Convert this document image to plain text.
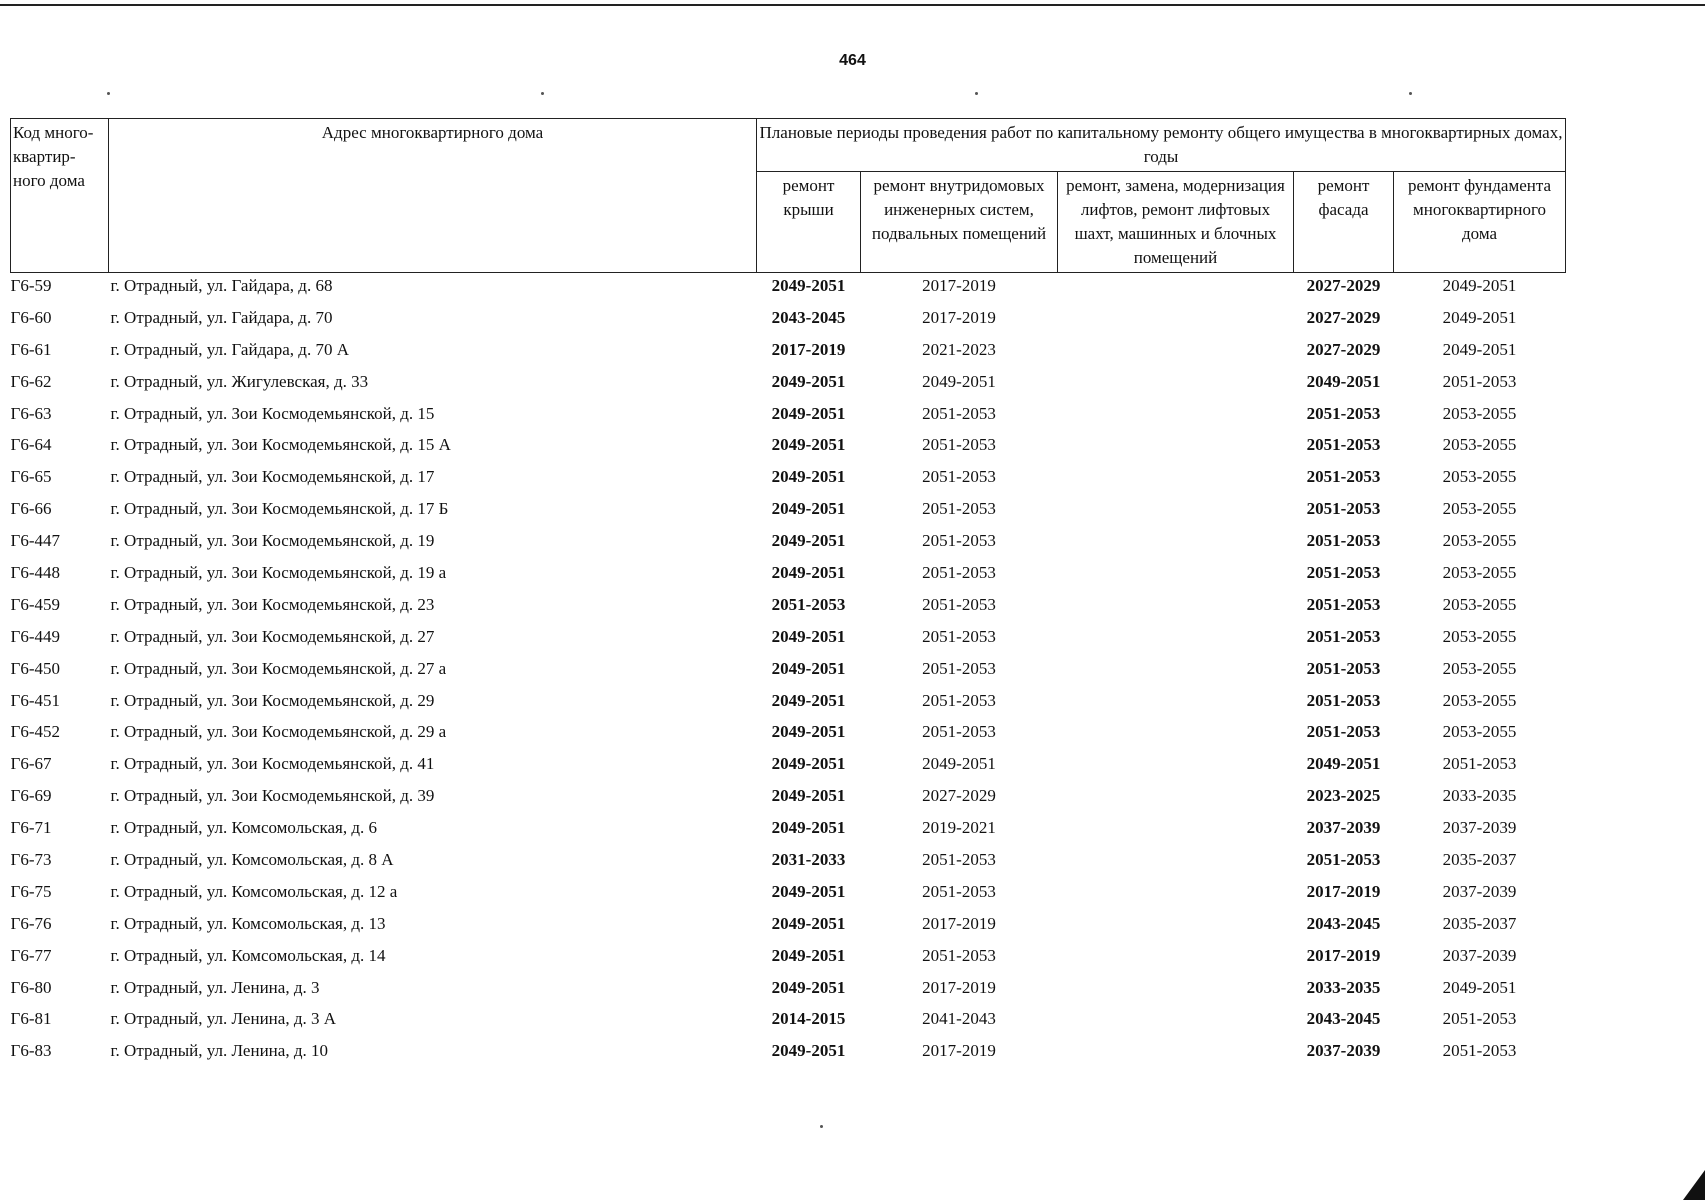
464
Код много-квартир-ного дома	Адрес многоквартирного дома	Плановые периоды проведения работ по капитальному ремонту общего имущества в многоквартирных домах, годы				
		ремонт крыши	ремонт внутридомовых инженерных систем, подвальных помещений	ремонт, замена, модернизация лифтов, ремонт лифтовых шахт, машинных и блочных помещений	ремонт фасада	ремонт фундамента многоквартирного дома
Г6-59	г. Отрадный, ул. Гайдара, д. 68	2049-2051	2017-2019		2027-2029	2049-2051
Г6-60	г. Отрадный, ул. Гайдара, д. 70	2043-2045	2017-2019		2027-2029	2049-2051
Г6-61	г. Отрадный, ул. Гайдара, д. 70 А	2017-2019	2021-2023		2027-2029	2049-2051
Г6-62	г. Отрадный, ул. Жигулевская, д. 33	2049-2051	2049-2051		2049-2051	2051-2053
Г6-63	г. Отрадный, ул. Зои Космодемьянской, д. 15	2049-2051	2051-2053		2051-2053	2053-2055
Г6-64	г. Отрадный, ул. Зои Космодемьянской, д. 15 А	2049-2051	2051-2053		2051-2053	2053-2055
Г6-65	г. Отрадный, ул. Зои Космодемьянской, д. 17	2049-2051	2051-2053		2051-2053	2053-2055
Г6-66	г. Отрадный, ул. Зои Космодемьянской, д. 17 Б	2049-2051	2051-2053		2051-2053	2053-2055
Г6-447	г. Отрадный, ул. Зои Космодемьянской, д. 19	2049-2051	2051-2053		2051-2053	2053-2055
Г6-448	г. Отрадный, ул. Зои Космодемьянской, д. 19 а	2049-2051	2051-2053		2051-2053	2053-2055
Г6-459	г. Отрадный, ул. Зои Космодемьянской, д. 23	2051-2053	2051-2053		2051-2053	2053-2055
Г6-449	г. Отрадный, ул. Зои Космодемьянской, д. 27	2049-2051	2051-2053		2051-2053	2053-2055
Г6-450	г. Отрадный, ул. Зои Космодемьянской, д. 27 а	2049-2051	2051-2053		2051-2053	2053-2055
Г6-451	г. Отрадный, ул. Зои Космодемьянской, д. 29	2049-2051	2051-2053		2051-2053	2053-2055
Г6-452	г. Отрадный, ул. Зои Космодемьянской, д. 29 а	2049-2051	2051-2053		2051-2053	2053-2055
Г6-67	г. Отрадный, ул. Зои Космодемьянской, д. 41	2049-2051	2049-2051		2049-2051	2051-2053
Г6-69	г. Отрадный, ул. Зои Космодемьянской, д. 39	2049-2051	2027-2029		2023-2025	2033-2035
Г6-71	г. Отрадный, ул. Комсомольская, д. 6	2049-2051	2019-2021		2037-2039	2037-2039
Г6-73	г. Отрадный, ул. Комсомольская, д. 8 А	2031-2033	2051-2053		2051-2053	2035-2037
Г6-75	г. Отрадный, ул. Комсомольская, д. 12 а	2049-2051	2051-2053		2017-2019	2037-2039
Г6-76	г. Отрадный, ул. Комсомольская, д. 13	2049-2051	2017-2019		2043-2045	2035-2037
Г6-77	г. Отрадный, ул. Комсомольская, д. 14	2049-2051	2051-2053		2017-2019	2037-2039
Г6-80	г. Отрадный, ул. Ленина, д. 3	2049-2051	2017-2019		2033-2035	2049-2051
Г6-81	г. Отрадный, ул. Ленина, д. 3 А	2014-2015	2041-2043		2043-2045	2051-2053
Г6-83	г. Отрадный, ул. Ленина, д. 10	2049-2051	2017-2019		2037-2039	2051-2053
